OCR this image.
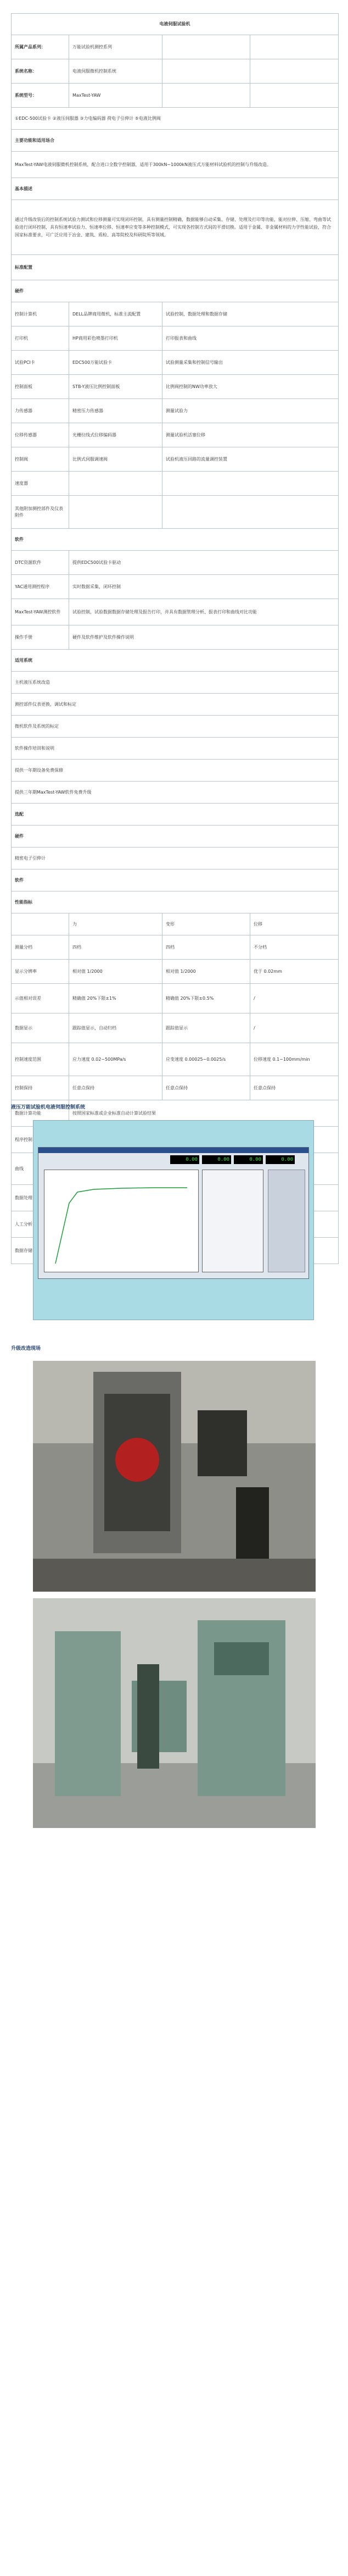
电液伺服试验机			
所属产品系列：	万能试验机测控系列		
系统名称：	电液伺服微机控制系统		
系统型号：	MaxTest-YAW		
①EDC-500试验卡 ②液压伺服器 ③力电编码器 荷电子引伸计 ⑤电液比例阀			
主要功能和适用场合			
MaxTest-YAW电液伺服微机控制系统，配合进口全数字控制器，适用于300kN~1000kN液压式万能材料试验机的控制与升级改造。			
基本描述			
通过升级改装后的控制系统试验力测试和位移测量可实现闭环控制，具有测量控制精确，数据能够自动采集、存储、处理及打印等功能，能对拉伸、压缩、弯曲等试验进行闭环控制，具有恒速率试验力、恒速率位移、恒速率应变等多种控制模式，可实现各控制方式间的平滑切换。适用于金属、非金属材料的力学性能试验，符合国家标准要求，可广泛应用于冶金、建筑、质检、高等院校及科研院所等领域。			
标准配置			
硬件			
控制计算机	DELL品牌商用微机，标准主流配置	试验控制，数据处理和数据存储	
打印机	HP商用彩色喷墨打印机	打印报表和曲线	
试验PCI卡	EDC500万能试验卡	试验测量采集和控制信号输出	
控制面板	STB-Y液压比例控制面板	比例阀控制的NW功率放大	
力传感器	精密压力传感器	测量试验力	
位移传感器	光栅拉线式位移编码器	测量试验机活塞位移	
控制阀	比例式伺服调速阀	试验机液压回路的流量调控装置	
速度器			
其他附加测控部件及仪表附件			
软件			
DTC资源软件	提供EDC500试验卡驱动		
YAC通用测控程序	实时数据采集，闭环控制		
MaxTest-YAW测控软件	试验控制，试验数据数据存储处理及报告打印，并具有数据管理分析、报表打印和曲线对比功能		
操作手册	硬件及软件维护及软件操作说明		
适用系统			
主机液压系统改造			
测控部件仪表更换，调试和标定			
微机软件及系统的标定			
软件操作培训和说明			
提供一年期设备免费保修			
提供三年期MaxTest-YAW软件免费升级			
选配			
硬件			
精密电子引伸计			
软件			
性能指标			
	力	变形	位移
测量分档	四档	四档	不分档
显示分辨率	相对值 1/2000	相对值 1/2000	优于 0.02mm
示值相对误差	精确值 20%下限±1%	精确值 20%下限±0.5%	/
数据显示	跟踪值显示，自动归档	跟踪值显示	/
控制速度范围	应力速度 0.02~500MPa/s	应变速度 0.00025~0.0025/s	位移速度 0.1~100mm/min
控制保持	任意点保持	任意点保持	任意点保持
数据计算功能	按照国家标准或企业标准自动计算试验结果		
程序控制	
曲线	
数据处理	
人工分析	
数据存储	
液压万能试验机电液伺服控制系统
0.00	0.00	0.00	0.00
升级改造现场
